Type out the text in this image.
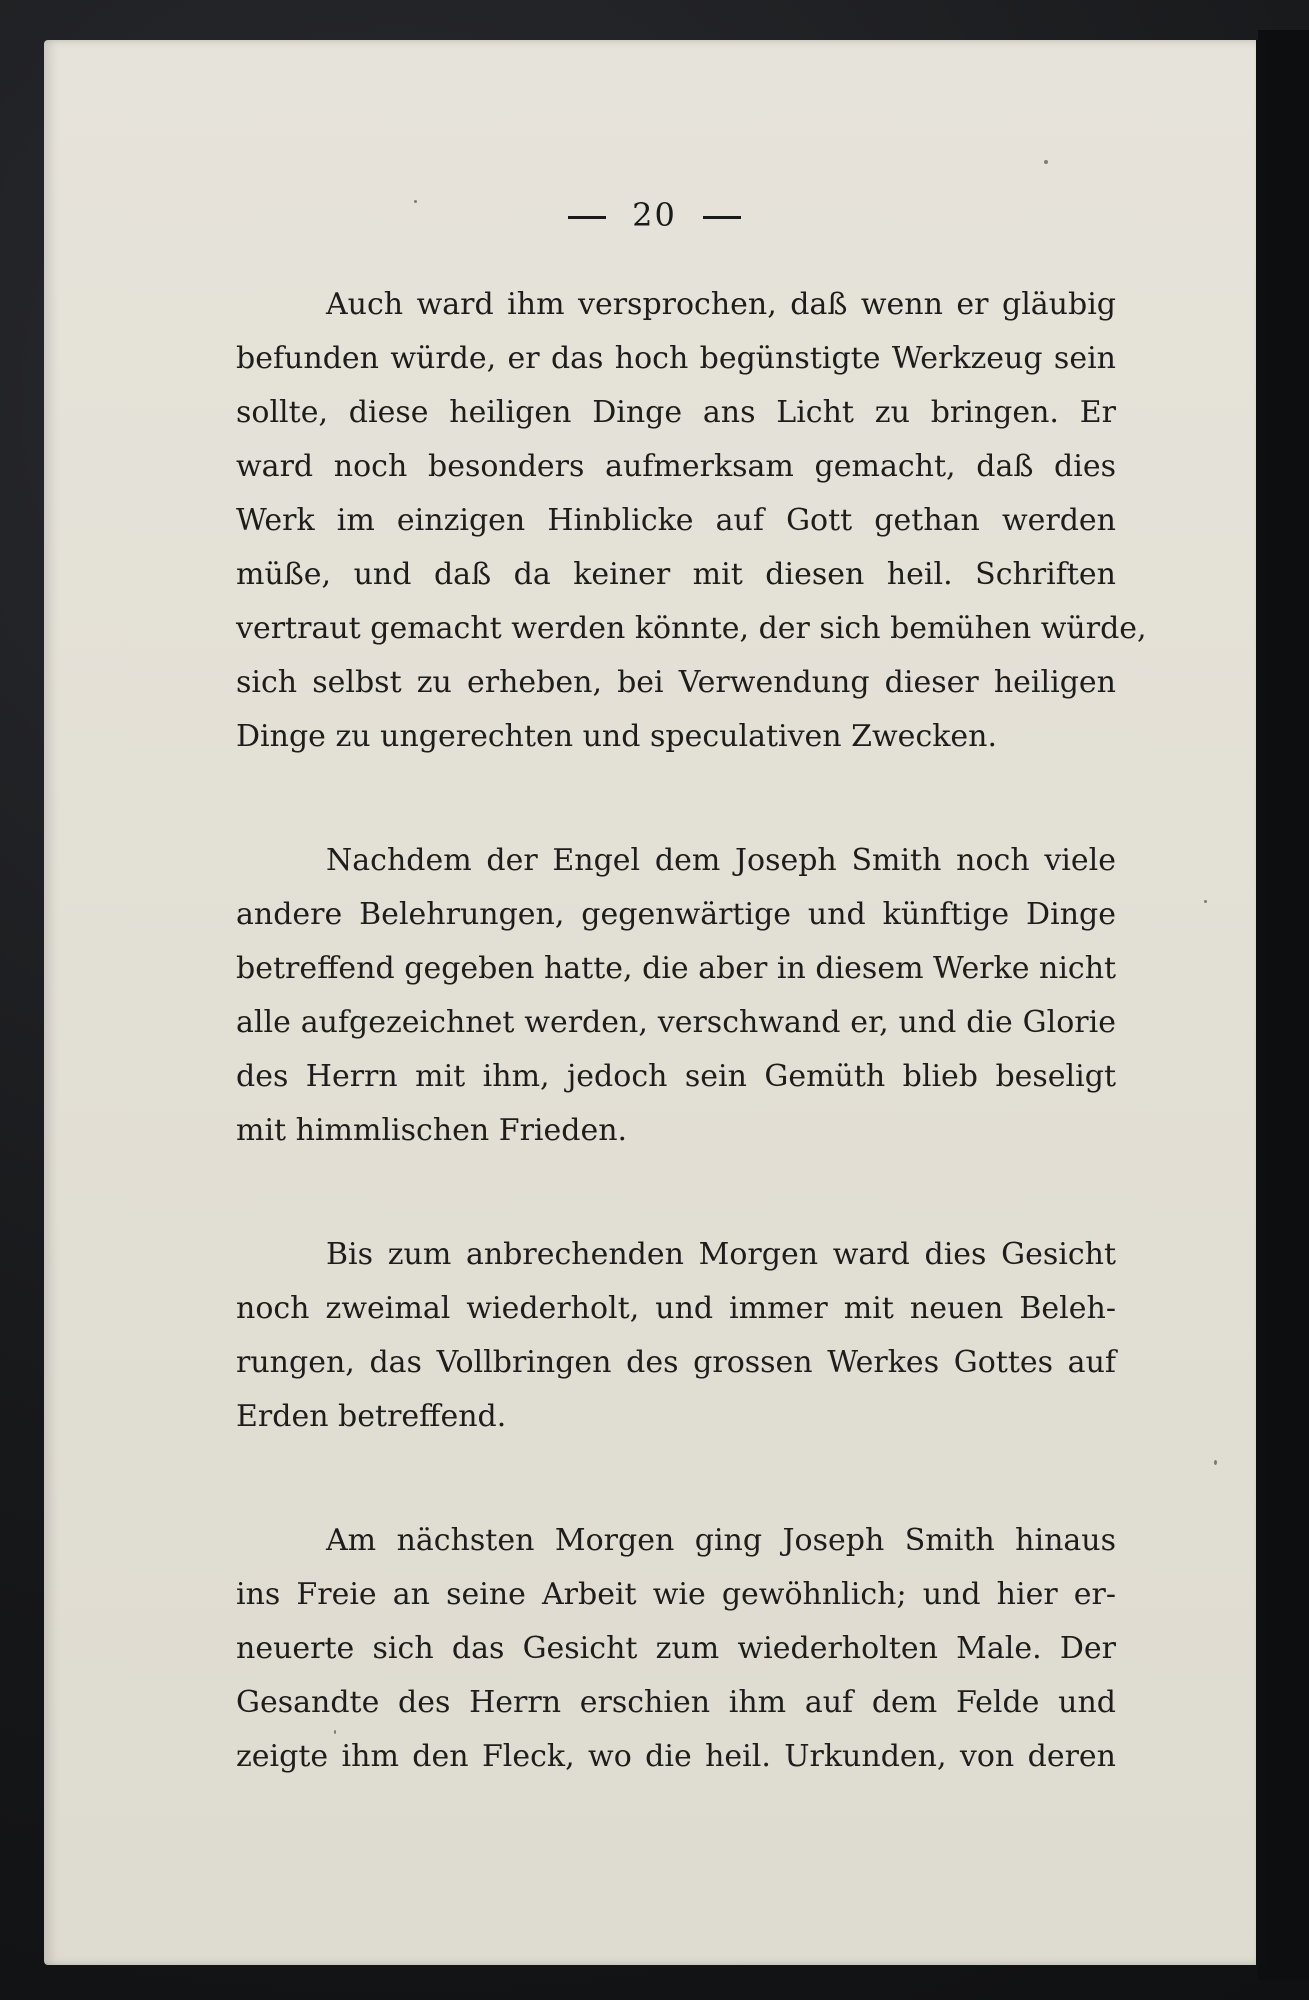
20

Auch ward ihm versprochen, daß wenn er gläubig
befunden würde, er das hoch begünstigte Werkzeug sein
sollte, diese heiligen Dinge ans Licht zu bringen. Er
ward noch besonders aufmerksam gemacht, daß dies
Werk im einzigen Hinblicke auf Gott gethan werden
müße, und daß da keiner mit diesen heil. Schriften
vertraut gemacht werden könnte, der sich bemühen würde,
sich selbst zu erheben, bei Verwendung dieser heiligen
Dinge zu ungerechten und speculativen Zwecken.

Nachdem der Engel dem Joseph Smith noch viele
andere Belehrungen, gegenwärtige und künftige Dinge
betreffend gegeben hatte, die aber in diesem Werke nicht
alle aufgezeichnet werden, verschwand er, und die Glorie
des Herrn mit ihm, jedoch sein Gemüth blieb beseligt
mit himmlischen Frieden.

Bis zum anbrechenden Morgen ward dies Gesicht
noch zweimal wiederholt, und immer mit neuen Beleh-
rungen, das Vollbringen des grossen Werkes Gottes auf
Erden betreffend.

Am nächsten Morgen ging Joseph Smith hinaus
ins Freie an seine Arbeit wie gewöhnlich; und hier er-
neuerte sich das Gesicht zum wiederholten Male. Der
Gesandte des Herrn erschien ihm auf dem Felde und
zeigte ihm den Fleck, wo die heil. Urkunden, von deren
